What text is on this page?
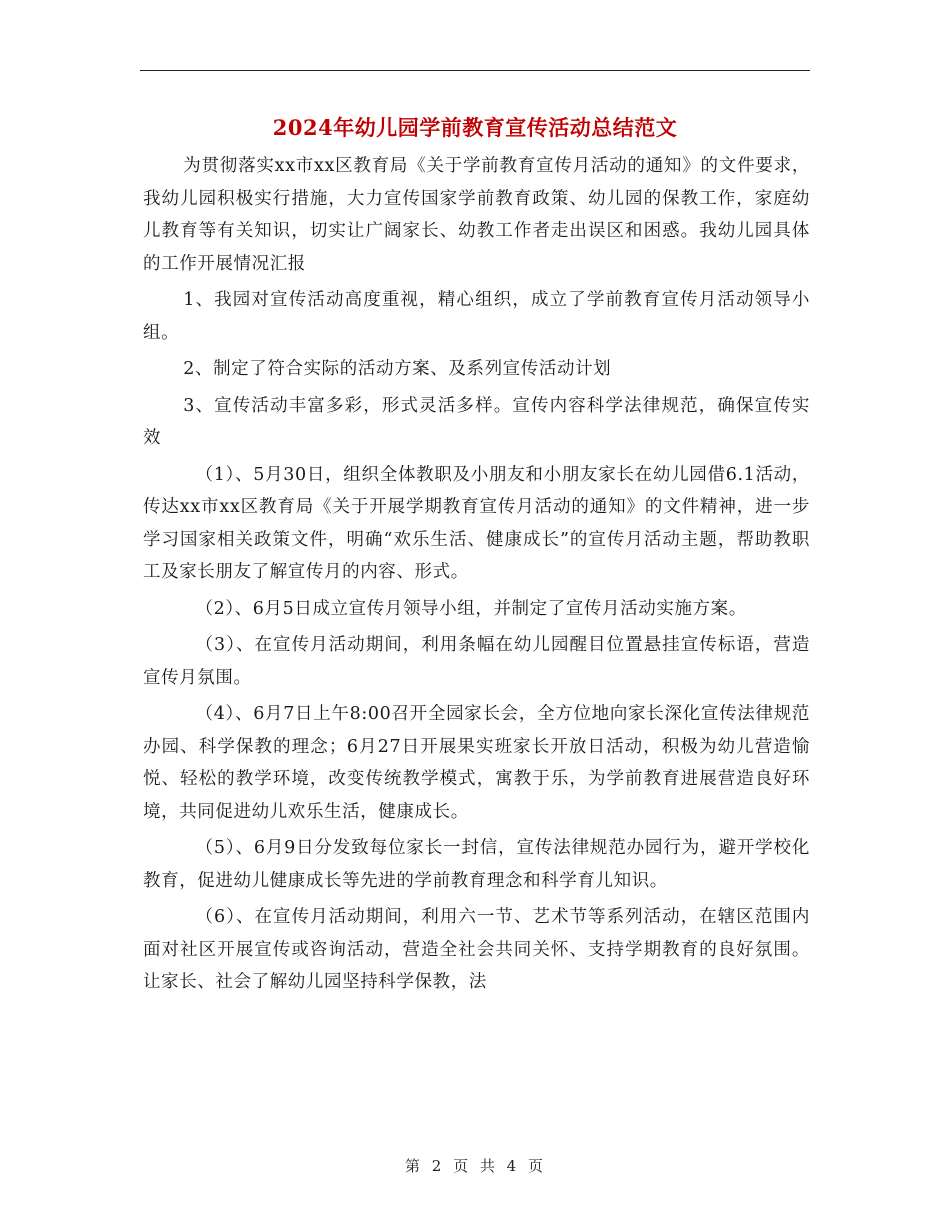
2024年幼儿园学前教育宣传活动总结范文

为贯彻落实xx市xx区教育局《关于学前教育宣传月活动的通知》的文件要求，我幼儿园积极实行措施，大力宣传国家学前教育政策、幼儿园的保教工作，家庭幼儿教育等有关知识，切实让广阔家长、幼教工作者走出误区和困惑。我幼儿园具体的工作开展情况汇报

1、我园对宣传活动高度重视，精心组织，成立了学前教育宣传月活动领导小组。

2、制定了符合实际的活动方案、及系列宣传活动计划

3、宣传活动丰富多彩，形式灵活多样。宣传内容科学法律规范，确保宣传实效

（1）、5月30日，组织全体教职及小朋友和小朋友家长在幼儿园借6.1活动，传达xx市xx区教育局《关于开展学期教育宣传月活动的通知》的文件精神，进一步学习国家相关政策文件，明确“欢乐生活、健康成长”的宣传月活动主题，帮助教职工及家长朋友了解宣传月的内容、形式。

（2）、6月5日成立宣传月领导小组，并制定了宣传月活动实施方案。

（3）、在宣传月活动期间，利用条幅在幼儿园醒目位置悬挂宣传标语，营造宣传月氛围。

（4）、6月7日上午8:00召开全园家长会，全方位地向家长深化宣传法律规范办园、科学保教的理念；6月27日开展果实班家长开放日活动，积极为幼儿营造愉悦、轻松的教学环境，改变传统教学模式，寓教于乐，为学前教育进展营造良好环境，共同促进幼儿欢乐生活，健康成长。

（5）、6月9日分发致每位家长一封信，宣传法律规范办园行为，避开学校化教育，促进幼儿健康成长等先进的学前教育理念和科学育儿知识。

（6）、在宣传月活动期间，利用六一节、艺术节等系列活动，在辖区范围内面对社区开展宣传或咨询活动，营造全社会共同关怀、支持学期教育的良好氛围。让家长、社会了解幼儿园坚持科学保教，法

第 2 页 共 4 页
